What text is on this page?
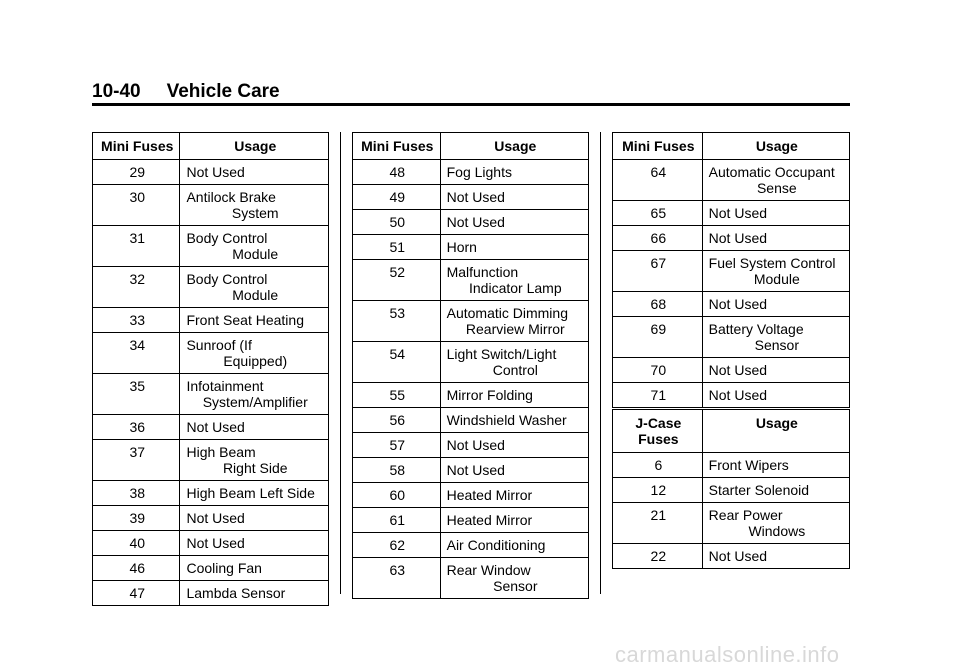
10-40 Vehicle Care
Mini Fuses	Usage
29	Not Used

30	Antilock Brake
System

31	Body Control
Module

32	Body Control
Module

33	Front Seat Heating

34	Sunroof (If
Equipped)

35	Infotainment
System/Amplifier

36	Not Used

37	High Beam
Right Side

38	High Beam Left Side

39	Not Used

40	Not Used

46	Cooling Fan

47	Lambda Sensor
Mini Fuses	Usage
48	Fog Lights

49	Not Used

50	Not Used

51	Horn

52	Malfunction
Indicator Lamp

53	Automatic Dimming
Rearview Mirror

54	Light Switch/Light
Control

55	Mirror Folding

56	Windshield Washer

57	Not Used

58	Not Used

60	Heated Mirror

61	Heated Mirror

62	Air Conditioning

63	Rear Window
Sensor
Mini Fuses	Usage
64	Automatic Occupant
Sense

65	Not Used

66	Not Used

67	Fuel System Control
Module

68	Not Used

69	Battery Voltage
Sensor

70	Not Used

71	Not Used
J-Case
Fuses	Usage
6	Front Wipers

12	Starter Solenoid

21	Rear Power
Windows

22	Not Used
carmanualsonline.info
